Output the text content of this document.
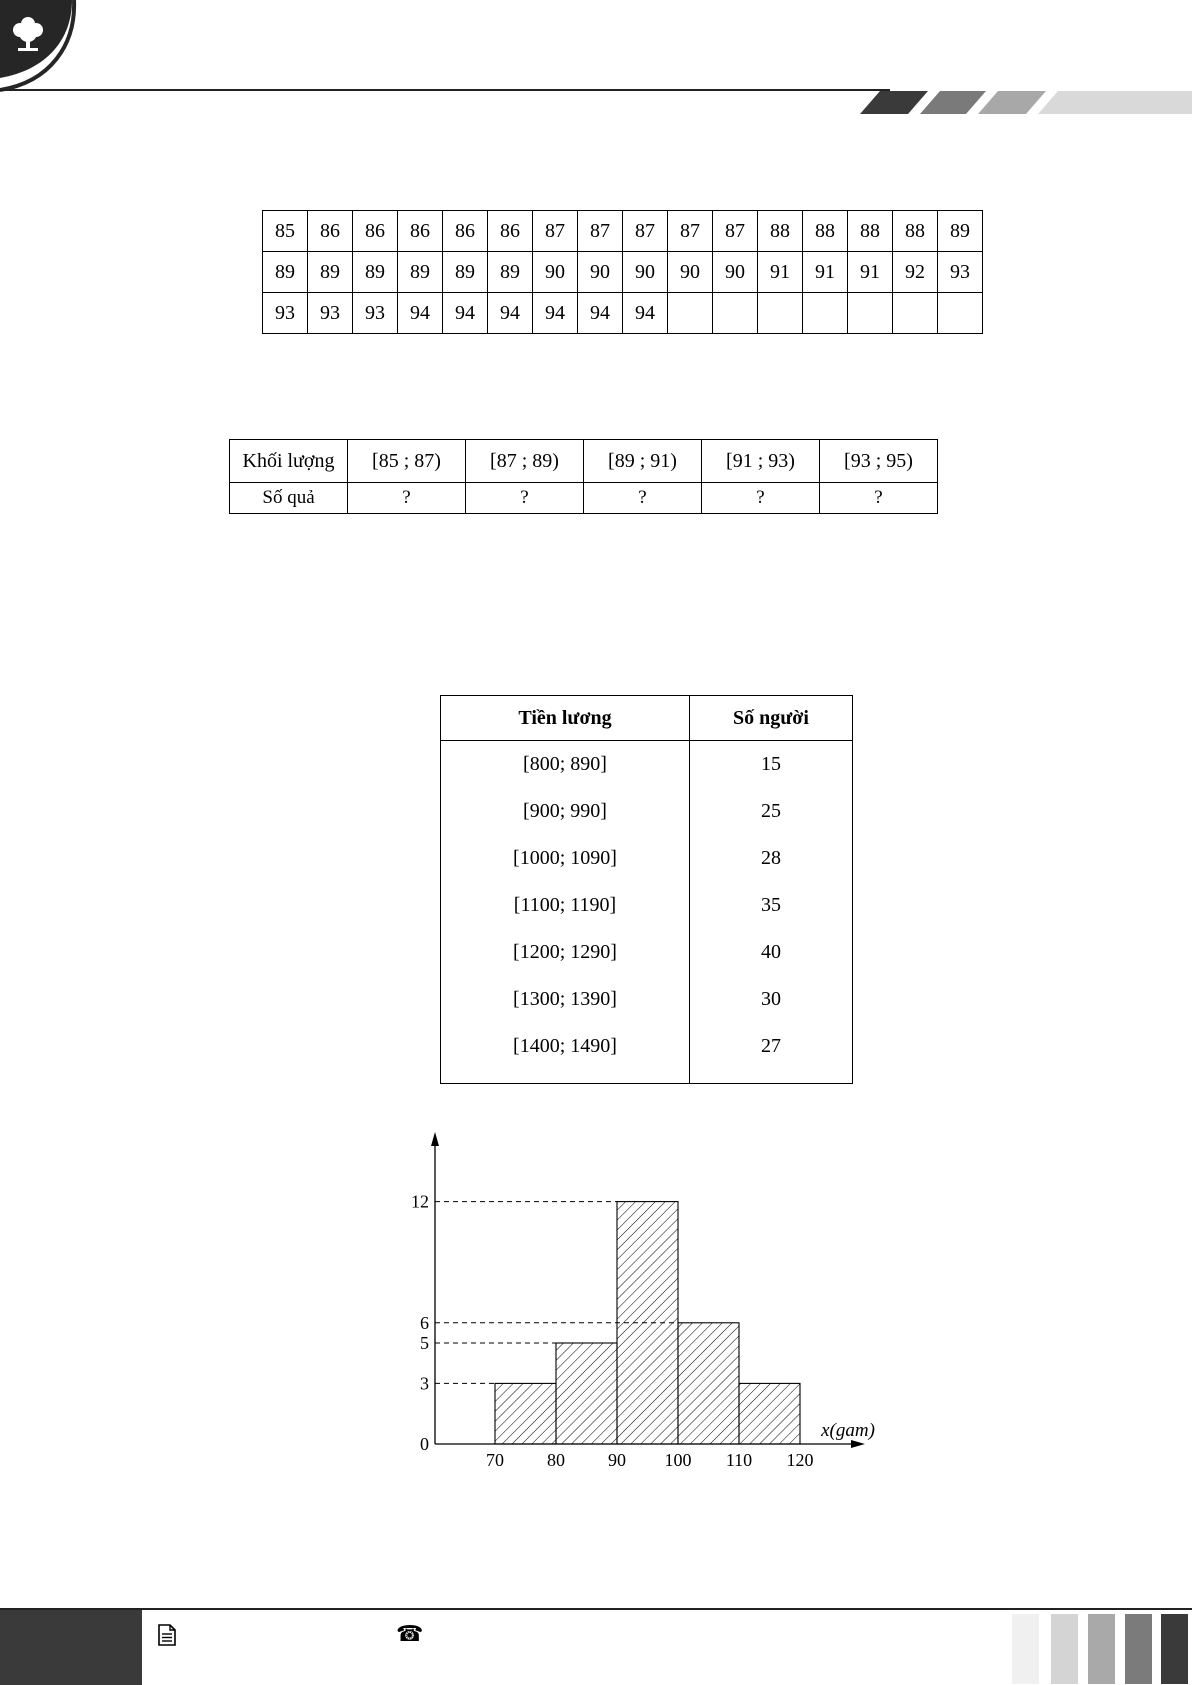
85	86	86	86	86	86	87	87	87	87	87	88	88	88	88	89
89	89	89	89	89	89	90	90	90	90	90	91	91	91	92	93
93	93	93	94	94	94	94	94	94							
Khối lượng	[85 ; 87)	[87 ; 89)	[89 ; 91)	[91 ; 93)	[93 ; 95)
Số quả	?	?	?	?	?
Tiền lương	Số người
[800; 890]	15
[900; 990]	25
[1000; 1090]	28
[1100; 1190]	35
[1200; 1290]	40
[1300; 1390]	30
[1400; 1490]	27
0
3
5
6
12
70 80 90 100 110 120
x(gam)
☎
